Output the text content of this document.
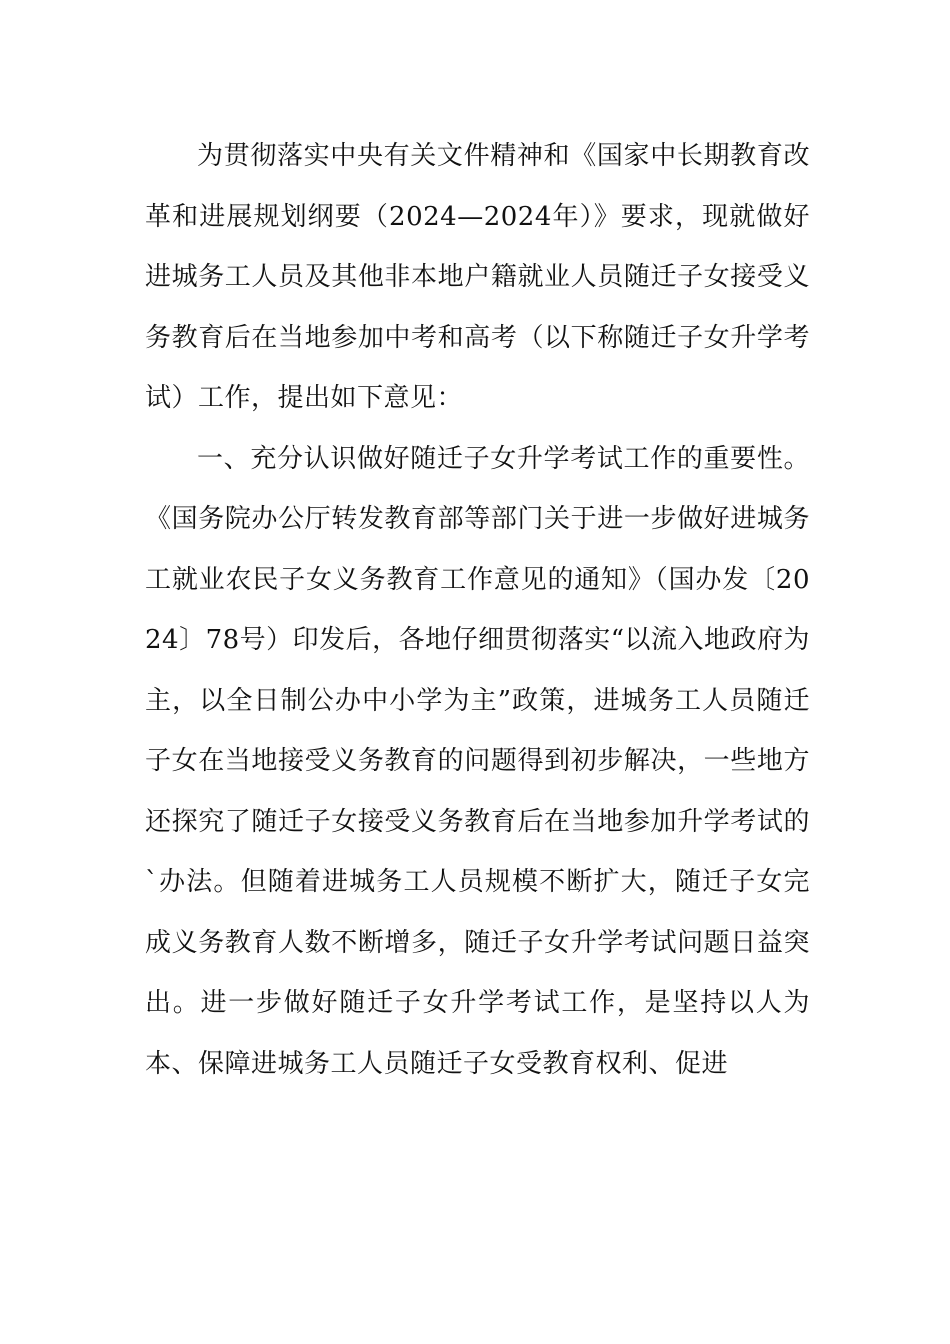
为贯彻落实中央有关文件精神和《国家中长期教育改革和进展规划纲要（2024—2024年）》要求，现就做好进城务工人员及其他非本地户籍就业人员随迁子女接受义务教育后在当地参加中考和高考（以下称随迁子女升学考试）工作，提出如下意见：

一、充分认识做好随迁子女升学考试工作的重要性。《国务院办公厅转发教育部等部门关于进一步做好进城务工就业农民子女义务教育工作意见的通知》（国办发〔2024〕78号）印发后，各地仔细贯彻落实“以流入地政府为主，以全日制公办中小学为主”政策，进城务工人员随迁子女在当地接受义务教育的问题得到初步解决，一些地方还探究了随迁子女接受义务教育后在当地参加升学考试的`办法。但随着进城务工人员规模不断扩大，随迁子女完成义务教育人数不断增多，随迁子女升学考试问题日益突出。进一步做好随迁子女升学考试工作，是坚持以人为本、保障进城务工人员随迁子女受教育权利、促进
